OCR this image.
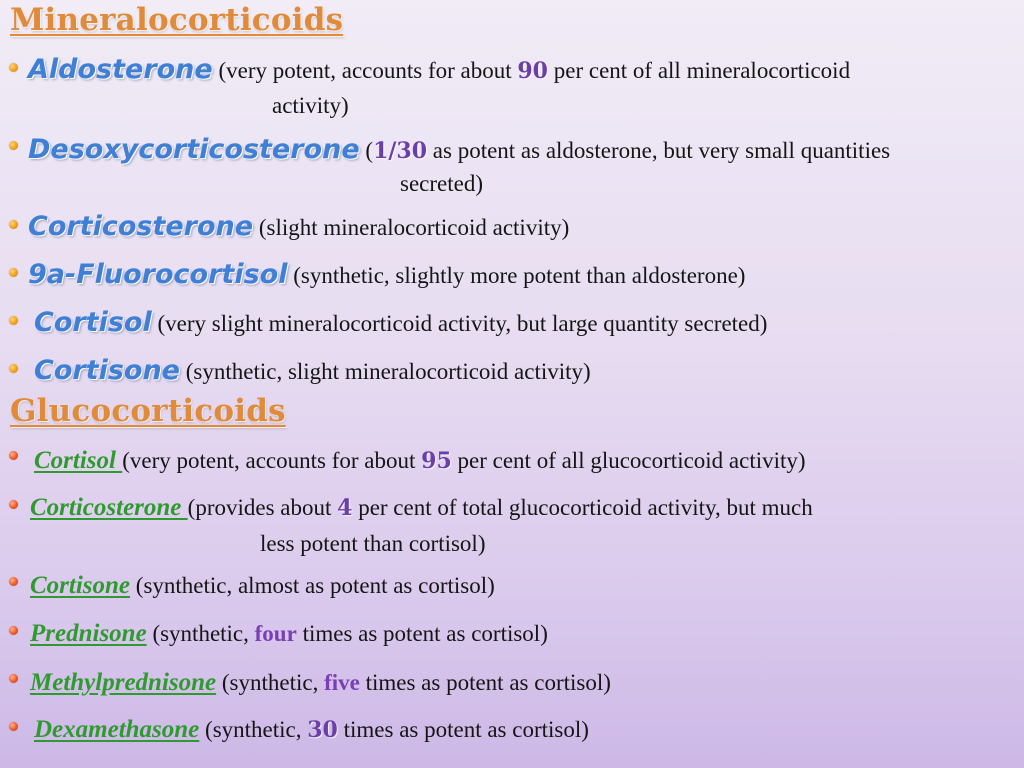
Mineralocorticoids
Aldosterone (very potent, accounts for about 90 per cent of all mineralocorticoid
activity)
Desoxycorticosterone (1/30 as potent as aldosterone, but very small quantities
secreted)
Corticosterone (slight mineralocorticoid activity)
9a-Fluorocortisol (synthetic, slightly more potent than aldosterone)
Cortisol (very slight mineralocorticoid activity, but large quantity secreted)
Cortisone (synthetic, slight mineralocorticoid activity)
Glucocorticoids
Cortisol (very potent, accounts for about 95 per cent of all glucocorticoid activity)
Corticosterone (provides about 4 per cent of total glucocorticoid activity, but much
less potent than cortisol)
Cortisone (synthetic, almost as potent as cortisol)
Prednisone (synthetic, four times as potent as cortisol)
Methylprednisone (synthetic, five times as potent as cortisol)
Dexamethasone (synthetic, 30 times as potent as cortisol)
